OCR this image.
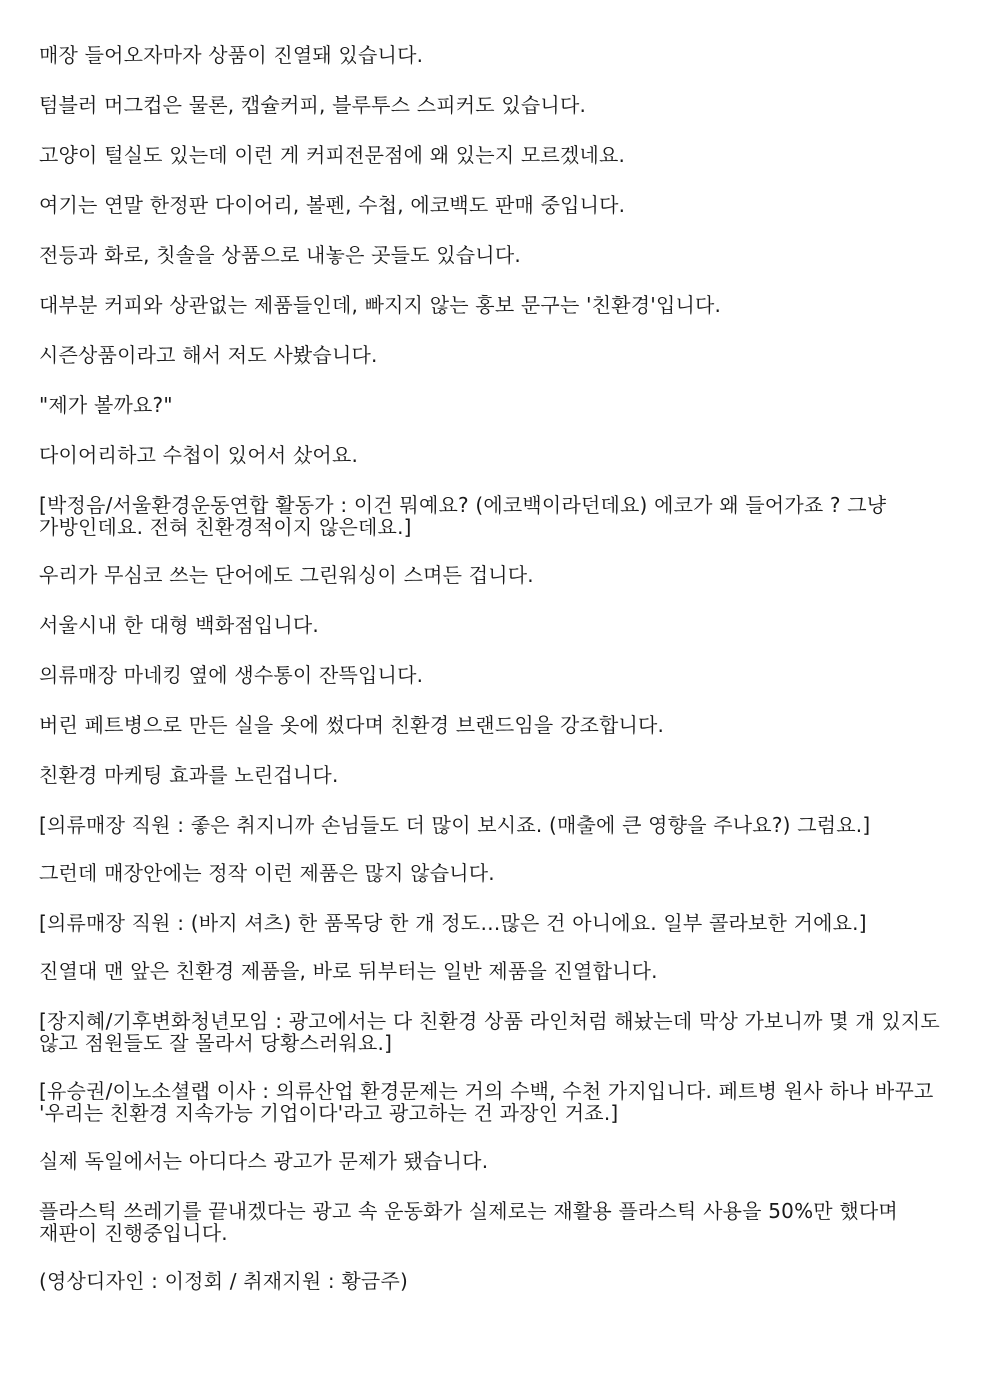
매장 들어오자마자 상품이 진열돼 있습니다.

텀블러 머그컵은 물론, 캡슐커피, 블루투스 스피커도 있습니다.

고양이 털실도 있는데 이런 게 커피전문점에 왜 있는지 모르겠네요.

여기는 연말 한정판 다이어리, 볼펜, 수첩, 에코백도 판매 중입니다.

전등과 화로, 칫솔을 상품으로 내놓은 곳들도 있습니다.

대부분 커피와 상관없는 제품들인데, 빠지지 않는 홍보 문구는 '친환경'입니다.

시즌상품이라고 해서 저도 사봤습니다.

"제가 볼까요?"

다이어리하고 수첩이 있어서 샀어요.

[박정음/서울환경운동연합 활동가 : 이건 뭐예요? (에코백이라던데요) 에코가 왜 들어가죠 ? 그냥 가방인데요. 전혀 친환경적이지 않은데요.]

우리가 무심코 쓰는 단어에도 그린워싱이 스며든 겁니다.

서울시내 한 대형 백화점입니다.

의류매장 마네킹 옆에 생수통이 잔뜩입니다.

버린 페트병으로 만든 실을 옷에 썼다며 친환경 브랜드임을 강조합니다.

친환경 마케팅 효과를 노린겁니다.

[의류매장 직원 : 좋은 취지니까 손님들도 더 많이 보시죠. (매출에 큰 영향을 주나요?) 그럼요.]

그런데 매장안에는 정작 이런 제품은 많지 않습니다.

[의류매장 직원 : (바지 셔츠) 한 품목당 한 개 정도…많은 건 아니에요. 일부 콜라보한 거에요.]

진열대 맨 앞은 친환경 제품을, 바로 뒤부터는 일반 제품을 진열합니다.

[장지혜/기후변화청년모임 : 광고에서는 다 친환경 상품 라인처럼 해놨는데 막상 가보니까 몇 개 있지도 않고 점원들도 잘 몰라서 당황스러워요.]

[유승권/이노소셜랩 이사 : 의류산업 환경문제는 거의 수백, 수천 가지입니다. 페트병 원사 하나 바꾸고 '우리는 친환경 지속가능 기업이다'라고 광고하는 건 과장인 거죠.]

실제 독일에서는 아디다스 광고가 문제가 됐습니다.

플라스틱 쓰레기를 끝내겠다는 광고 속 운동화가 실제로는 재활용 플라스틱 사용을 50%만 했다며 재판이 진행중입니다.

(영상디자인 : 이정회 / 취재지원 : 황금주)
